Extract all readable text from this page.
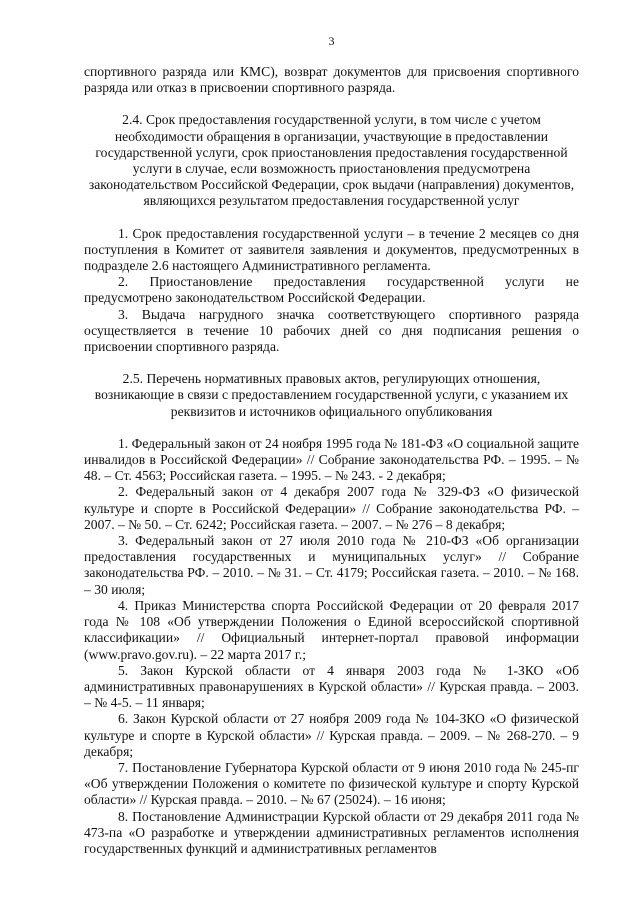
3

спортивного разряда или КМС), возврат документов для присвоения спортивного разряда или отказ в присвоении спортивного разряда.

2.4. Срок предоставления государственной услуги, в том числе с учетом необходимости обращения в организации, участвующие в предоставлении государственной услуги, срок приостановления предоставления государственной услуги в случае, если возможность приостановления предусмотрена законодательством Российской Федерации, срок выдачи (направления) документов, являющихся результатом предоставления государственной услуг

1. Срок предоставления государственной услуги – в течение 2 месяцев со дня поступления в Комитет от заявителя заявления и документов, предусмотренных в подразделе 2.6 настоящего Административного регламента.
2. Приостановление предоставления государственной услуги не предусмотрено законодательством Российской Федерации.
3. Выдача нагрудного значка соответствующего спортивного разряда осуществляется в течение 10 рабочих дней со дня подписания решения о присвоении спортивного разряда.

2.5. Перечень нормативных правовых актов, регулирующих отношения, возникающие в связи с предоставлением государственной услуги, с указанием их реквизитов и источников официального опубликования

1. Федеральный закон от 24 ноября 1995 года № 181-ФЗ «О социальной защите инвалидов в Российской Федерации» // Собрание законодательства РФ. – 1995. – № 48. – Ст. 4563; Российская газета. – 1995. – № 243. - 2 декабря;
2. Федеральный закон от 4 декабря 2007 года № 329-ФЗ «О физической культуре и спорте в Российской Федерации» // Собрание законодательства РФ. – 2007. – № 50. – Ст. 6242; Российская газета. – 2007. – № 276 – 8 декабря;
3. Федеральный закон от 27 июля 2010 года № 210-ФЗ «Об организации предоставления государственных и муниципальных услуг» // Собрание законодательства РФ. – 2010. – № 31. – Ст. 4179; Российская газета. – 2010. – № 168. – 30 июля;
4. Приказ Министерства спорта Российской Федерации от 20 февраля 2017 года № 108 «Об утверждении Положения о Единой всероссийской спортивной классификации» // Официальный интернет-портал правовой информации (www.pravo.gov.ru). – 22 марта 2017 г.;
5. Закон Курской области от 4 января 2003 года № 1-ЗКО «Об административных правонарушениях в Курской области» // Курская правда. – 2003. – № 4-5. – 11 января;
6. Закон Курской области от 27 ноября 2009 года № 104-ЗКО «О физической культуре и спорте в Курской области» // Курская правда. – 2009. – № 268-270. – 9 декабря;
7. Постановление Губернатора Курской области от 9 июня 2010 года № 245-пг «Об утверждении Положения о комитете по физической культуре и спорту Курской области» // Курская правда. – 2010. – № 67 (25024). – 16 июня;
8. Постановление Администрации Курской области от 29 декабря 2011 года № 473-па «О разработке и утверждении административных регламентов исполнения государственных функций и административных регламентов
